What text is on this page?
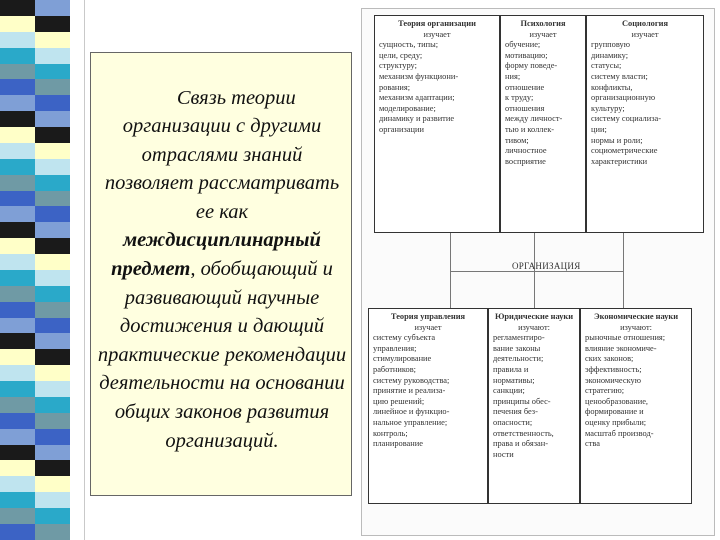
Связь теории организации с другими отраслями знаний позволяет рассматривать ее как междисциплинарный предмет, обобщающий и развивающий научные достижения и дающий практические рекомендации деятельности на основании общих законов развития организаций.

ОРГАНИЗАЦИЯ
Теория организации
изучает
сущность, типы;
цели, среду;
структуру;
механизм функциони-
рования;
механизм адаптации;
моделирование;
динамику и развитие
организации
Психология
изучает
обучение;
мотивацию;
форму поведе-
ния;
отношение
к труду;
отношения
между личност-
тью и коллек-
тивом;
личностное
восприятие
Социология
изучает
групповую
динамику;
статусы;
систему власти;
конфликты,
организационную
культуру;
систему социализа-
ции;
нормы и роли;
социометрические
характеристики
Теория управления
изучает
систему субъекта
управления;
стимулирование
работников;
систему руководства;
принятие и реализа-
цию решений;
линейное и функцио-
нальное управление;
контроль;
планирование
Юридические науки
изучают:
регламентиро-
вание законы
деятельности;
правила и
нормативы;
санкции;
принципы обес-
печения без-
опасности;
ответственность,
права и обязан-
ности
Экономические науки
изучают:
рыночные отношения;
влияние экономиче-
ских законов;
эффективность;
экономическую
стратегию;
ценообразование,
формирование и
оценку прибыли;
масштаб производ-
ства
